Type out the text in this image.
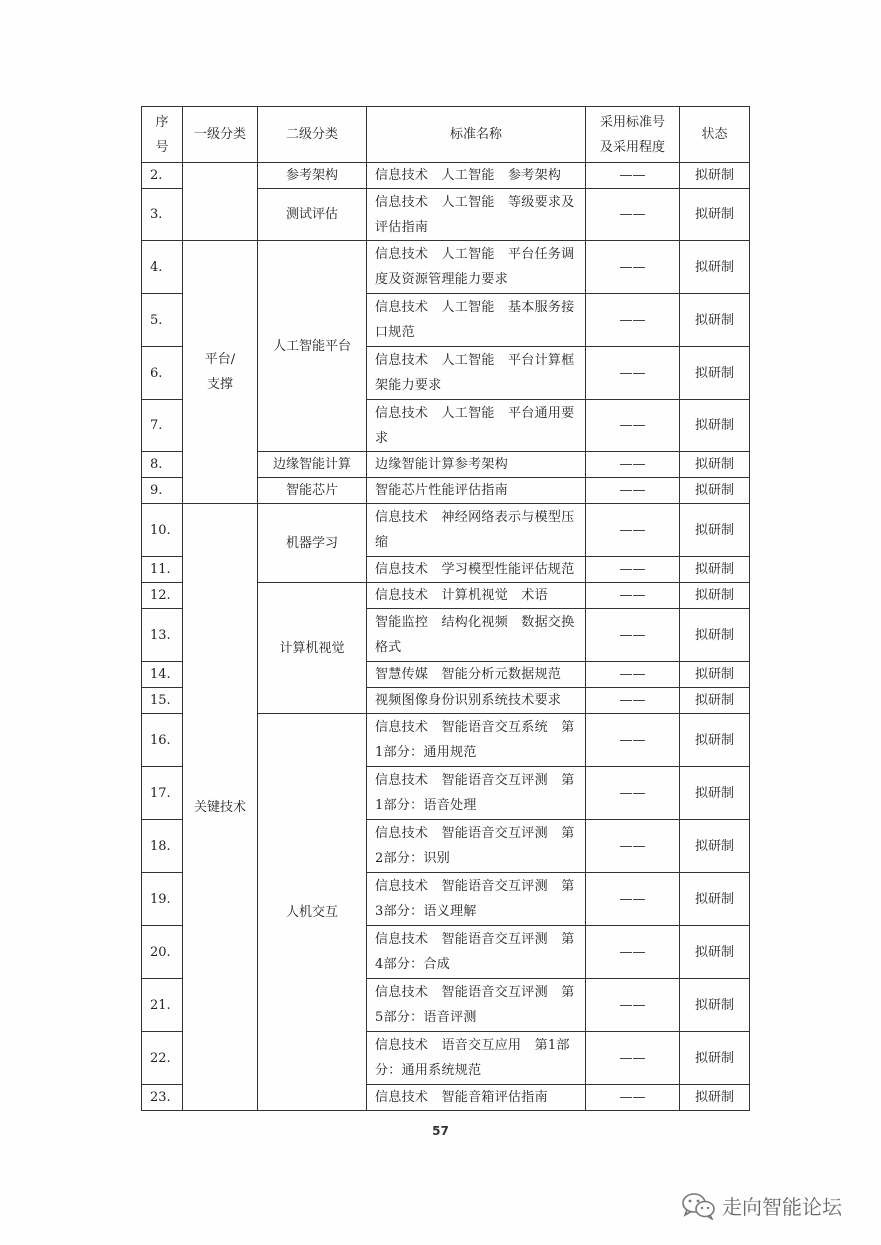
序号	一级分类	二级分类	标准名称	采用标准号及采用程度	状态
2.		参考架构	信息技术　人工智能　参考架构	——	拟研制
3.		测试评估	信息技术　人工智能　等级要求及评估指南	——	拟研制
4.	平台/支撑	人工智能平台	信息技术　人工智能　平台任务调度及资源管理能力要求	——	拟研制
5.			信息技术　人工智能　基本服务接口规范	——	拟研制
6.			信息技术　人工智能　平台计算框架能力要求	——	拟研制
7.			信息技术　人工智能　平台通用要求	——	拟研制
8.		边缘智能计算	边缘智能计算参考架构	——	拟研制
9.		智能芯片	智能芯片性能评估指南	——	拟研制
10.	关键技术	机器学习	信息技术　神经网络表示与模型压缩	——	拟研制
11.			信息技术　学习模型性能评估规范	——	拟研制
12.		计算机视觉	信息技术　计算机视觉　术语	——	拟研制
13.			智能监控　结构化视频　数据交换格式	——	拟研制
14.			智慧传媒　智能分析元数据规范	——	拟研制
15.			视频图像身份识别系统技术要求	——	拟研制
16.		人机交互	信息技术　智能语音交互系统　第1部分：通用规范	——	拟研制
17.			信息技术　智能语音交互评测　第1部分：语音处理	——	拟研制
18.			信息技术　智能语音交互评测　第2部分：识别	——	拟研制
19.			信息技术　智能语音交互评测　第3部分：语义理解	——	拟研制
20.			信息技术　智能语音交互评测　第4部分：合成	——	拟研制
21.			信息技术　智能语音交互评测　第5部分：语音评测	——	拟研制
22.			信息技术　语音交互应用　第1部分：通用系统规范	——	拟研制
23.			信息技术　智能音箱评估指南	——	拟研制
57
走向智能论坛
